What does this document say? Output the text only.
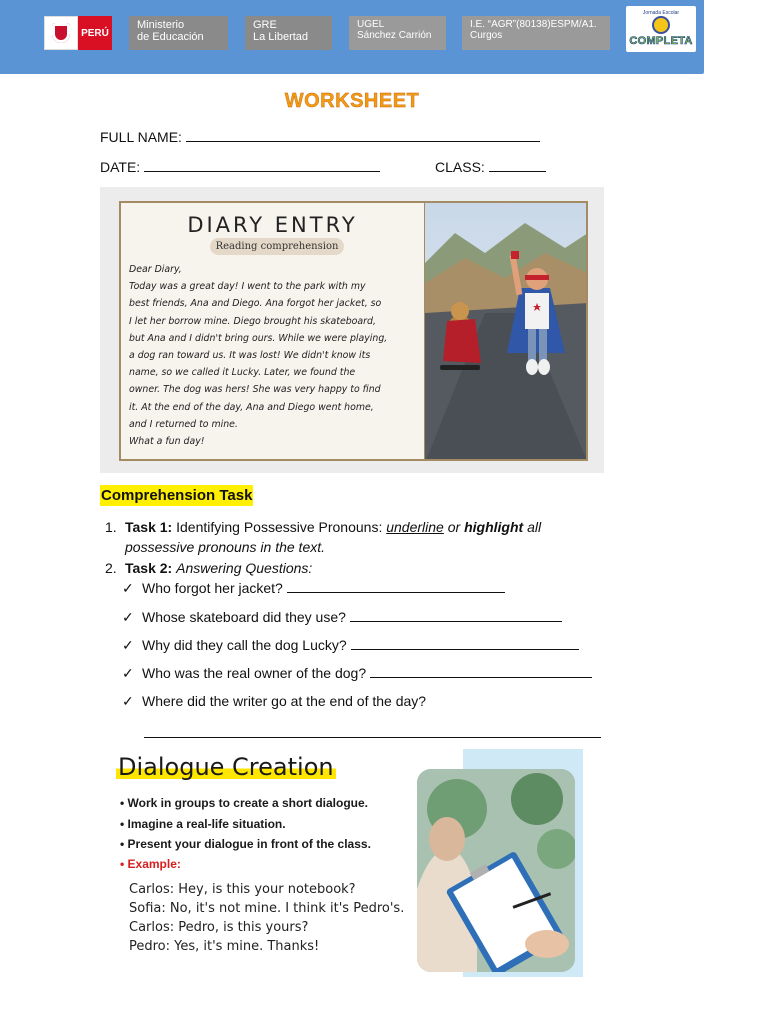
PERÚ
Ministerio
de Educación
GRE
La Libertad
UGEL
Sánchez Carrión
I.E. “AGR”(80138)ESPM/A1.
Curgos
Jornada Escolar
COMPLETA
WORKSHEET
FULL NAME:
DATE:	CLASS:
DIARY ENTRY
Reading comprehension

Dear Diary,

Today was a great day! I went to the park with my

best friends, Ana and Diego. Ana forgot her jacket, so

I let her borrow mine. Diego brought his skateboard,

but Ana and I didn't bring ours. While we were playing,

a dog ran toward us. It was lost! We didn't know its

name, so we called it Lucky. Later, we found the

owner. The dog was hers! She was very happy to find

it. At the end of the day, Ana and Diego went home,

and I returned to mine.

What a fun day!

Comprehension Task
1. Task 1: Identifying Possessive Pronouns: underline or highlight all
possessive pronouns in the text.
2. Task 2: Answering Questions:
✓ Who forgot her jacket?
✓ Whose skateboard did they use?
✓ Why did they call the dog Lucky?
✓ Who was the real owner of the dog?
✓ Where did the writer go at the end of the day?
Dialogue Creation
• Work in groups to create a short dialogue.
• Imagine a real-life situation.
• Present your dialogue in front of the class.
• Example:
Carlos: Hey, is this your notebook?
Sofia: No, it's not mine. I think it's Pedro's.
Carlos: Pedro, is this yours?
Pedro: Yes, it's mine. Thanks!
